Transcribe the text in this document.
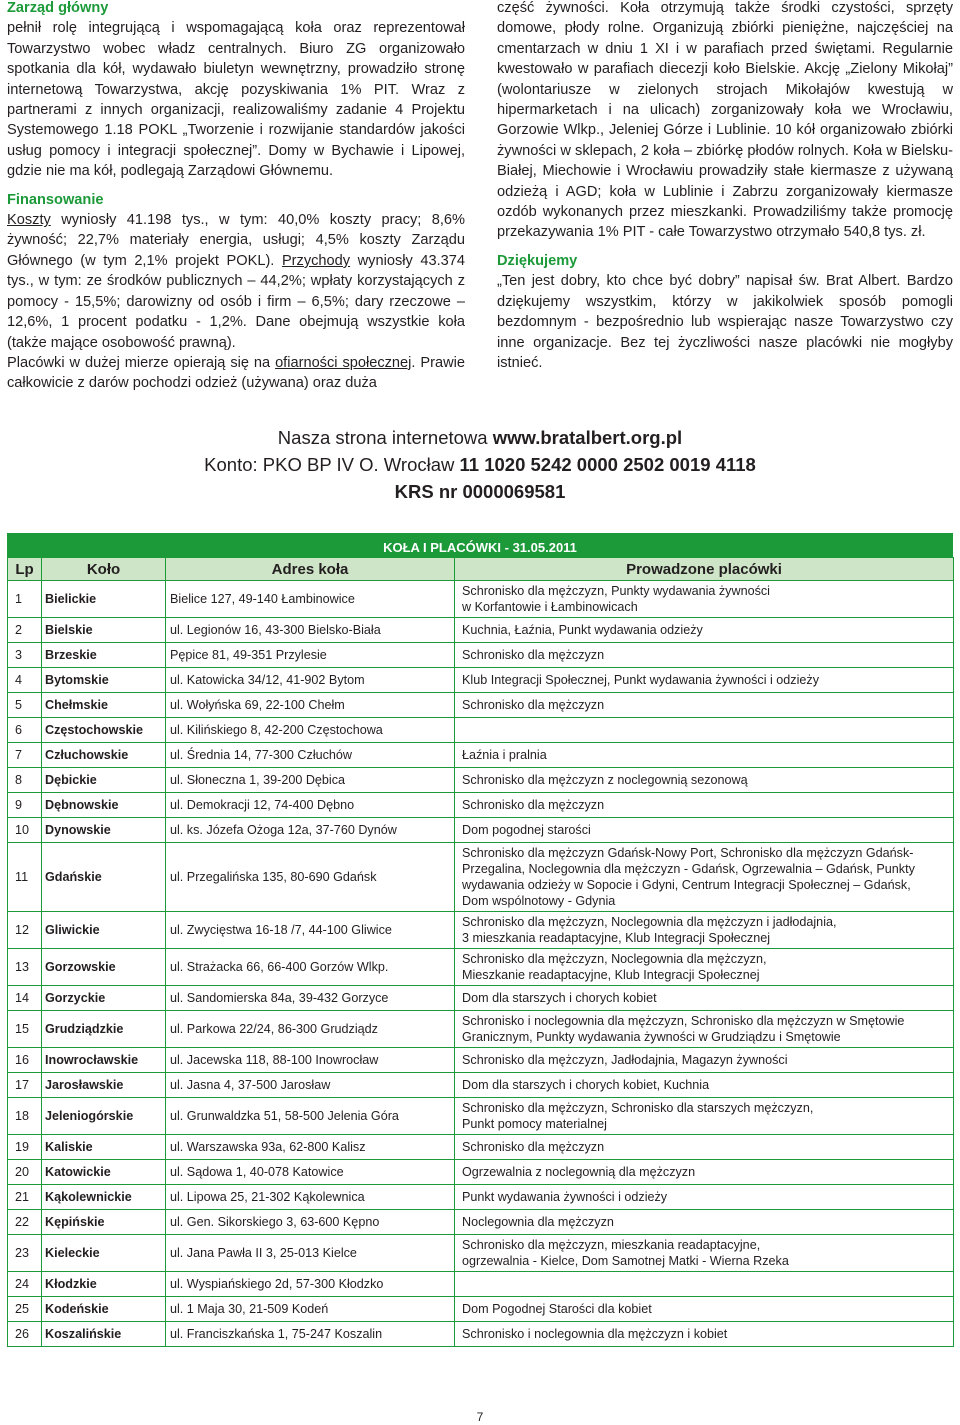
Zarząd główny

pełnił rolę integrującą i wspomagającą koła oraz reprezentował Towarzystwo wobec władz centralnych. Biuro ZG organizowało spotkania dla kół, wydawało biuletyn wewnętrzny, prowadziło stronę internetową Towarzystwa, akcję pozyskiwania 1% PIT. Wraz z partnerami z innych organizacji, realizowaliśmy zadanie 4 Projektu Systemowego 1.18 POKL „Tworzenie i rozwijanie standardów jakości usług pomocy i integracji społecznej”. Domy w Bychawie i Lipowej, gdzie nie ma kół, podlegają Zarządowi Głównemu.

Finansowanie

Koszty wyniosły 41.198 tys., w tym: 40,0% koszty pracy; 8,6% żywność; 22,7% materiały energia, usługi; 4,5% koszty Zarządu Głównego (w tym 2,1% projekt POKL). Przychody wyniosły 43.374 tys., w tym: ze środków publicznych – 44,2%; wpłaty korzystających z pomocy - 15,5%; darowizny od osób i firm – 6,5%; dary rzeczowe – 12,6%, 1 procent podatku - 1,2%. Dane obejmują wszystkie koła (także mające osobowość prawną).

Placówki w dużej mierze opierają się na ofiarności społecznej. Prawie całkowicie z darów pochodzi odzież (używana) oraz duża

część żywności. Koła otrzymują także środki czystości, sprzęty domowe, płody rolne. Organizują zbiórki pieniężne, najczęściej na cmentarzach w dniu 1 XI i w parafiach przed świętami. Regularnie kwestowało w parafiach diecezji koło Bielskie. Akcję „Zielony Mikołaj” (wolontariusze w zielonych strojach Mikołajów kwestują w hipermarketach i na ulicach) zorganizowały koła we Wrocławiu, Gorzowie Wlkp., Jeleniej Górze i Lublinie. 10 kół organizowało zbiórki żywności w sklepach, 2 koła – zbiórkę płodów rolnych. Koła w Bielsku-Białej, Miechowie i Wrocławiu prowadziły stałe kiermasze z używaną odzieżą i AGD; koła w Lublinie i Zabrzu zorganizowały kiermasze ozdób wykonanych przez mieszkanki. Prowadziliśmy także promocję przekazywania 1% PIT - całe Towarzystwo otrzymało 540,8 tys. zł.

Dziękujemy

„Ten jest dobry, kto chce być dobry” napisał św. Brat Albert. Bardzo dziękujemy wszystkim, którzy w jakikolwiek sposób pomogli bezdomnym - bezpośrednio lub wspierając nasze Towarzystwo czy inne organizacje. Bez tej życzliwości nasze placówki nie mogłyby istnieć.

Nasza strona internetowa www.bratalbert.org.pl
Konto: PKO BP IV O. Wrocław 11 1020 5242 0000 2502 0019 4118
KRS nr 0000069581
KOŁA I PLACÓWKI - 31.05.2011
Lp	Koło	Adres koła	Prowadzone placówki
1	Bielickie	Bielice 127, 49-140 Łambinowice	Schronisko dla mężczyzn, Punkty wydawania żywności
w Korfantowie i Łambinowicach

2	Bielskie	ul. Legionów 16, 43-300 Bielsko-Biała	Kuchnia, Łaźnia, Punkt wydawania odzieży

3	Brzeskie	Pępice 81, 49-351 Przylesie	Schronisko dla mężczyzn

4	Bytomskie	ul. Katowicka 34/12, 41-902 Bytom	Klub Integracji Społecznej, Punkt wydawania żywności i odzieży

5	Chełmskie	ul. Wołyńska 69, 22-100 Chełm	Schronisko dla mężczyzn

6	Częstochowskie	ul. Kilińskiego 8, 42-200 Częstochowa	

7	Człuchowskie	ul. Średnia 14, 77-300 Człuchów	Łaźnia i pralnia

8	Dębickie	ul. Słoneczna 1, 39-200 Dębica	Schronisko dla mężczyzn z noclegownią sezonową

9	Dębnowskie	ul. Demokracji 12, 74-400 Dębno	Schronisko dla mężczyzn

10	Dynowskie	ul. ks. Józefa Ożoga 12a, 37-760 Dynów	Dom pogodnej starości

11	Gdańskie	ul. Przegalińska 135, 80-690 Gdańsk	Schronisko dla mężczyzn Gdańsk-Nowy Port, Schronisko dla mężczyzn Gdańsk-
Przegalina, Noclegownia dla mężczyzn - Gdańsk, Ogrzewalnia – Gdańsk, Punkty
wydawania odzieży w Sopocie i Gdyni, Centrum Integracji Społecznej – Gdańsk,
Dom wspólnotowy - Gdynia

12	Gliwickie	ul. Zwycięstwa 16-18 /7, 44-100 Gliwice	Schronisko dla mężczyzn, Noclegownia dla mężczyzn i jadłodajnia,
3 mieszkania readaptacyjne, Klub Integracji Społecznej

13	Gorzowskie	ul. Strażacka 66, 66-400 Gorzów Wlkp.	Schronisko dla mężczyzn, Noclegownia dla mężczyzn,
Mieszkanie readaptacyjne, Klub Integracji Społecznej

14	Gorzyckie	ul. Sandomierska 84a, 39-432 Gorzyce	Dom dla starszych i chorych kobiet

15	Grudziądzkie	ul. Parkowa 22/24, 86-300 Grudziądz	Schronisko i noclegownia dla mężczyzn, Schronisko dla mężczyzn w Smętowie
Granicznym, Punkty wydawania żywności w Grudziądzu i Smętowie

16	Inowrocławskie	ul. Jacewska 118, 88-100 Inowrocław	Schronisko dla mężczyzn, Jadłodajnia, Magazyn żywności

17	Jarosławskie	ul. Jasna 4, 37-500 Jarosław	Dom dla starszych i chorych kobiet, Kuchnia

18	Jeleniogórskie	ul. Grunwaldzka 51, 58-500 Jelenia Góra	Schronisko dla mężczyzn, Schronisko dla starszych mężczyzn,
Punkt pomocy materialnej

19	Kaliskie	ul. Warszawska 93a, 62-800 Kalisz	Schronisko dla mężczyzn

20	Katowickie	ul. Sądowa 1, 40-078 Katowice	Ogrzewalnia z noclegownią dla mężczyzn

21	Kąkolewnickie	ul. Lipowa 25, 21-302 Kąkolewnica	Punkt wydawania żywności i odzieży

22	Kępińskie	ul. Gen. Sikorskiego 3, 63-600 Kępno	Noclegownia dla mężczyzn

23	Kieleckie	ul. Jana Pawła II 3, 25-013 Kielce	Schronisko dla mężczyzn, mieszkania readaptacyjne,
ogrzewalnia - Kielce, Dom Samotnej Matki - Wierna Rzeka

24	Kłodzkie	ul. Wyspiańskiego 2d, 57-300 Kłodzko	

25	Kodeńskie	ul. 1 Maja 30, 21-509 Kodeń	Dom Pogodnej Starości dla kobiet

26	Koszalińskie	ul. Franciszkańska 1, 75-247 Koszalin	Schronisko i noclegownia dla mężczyzn i kobiet
7
